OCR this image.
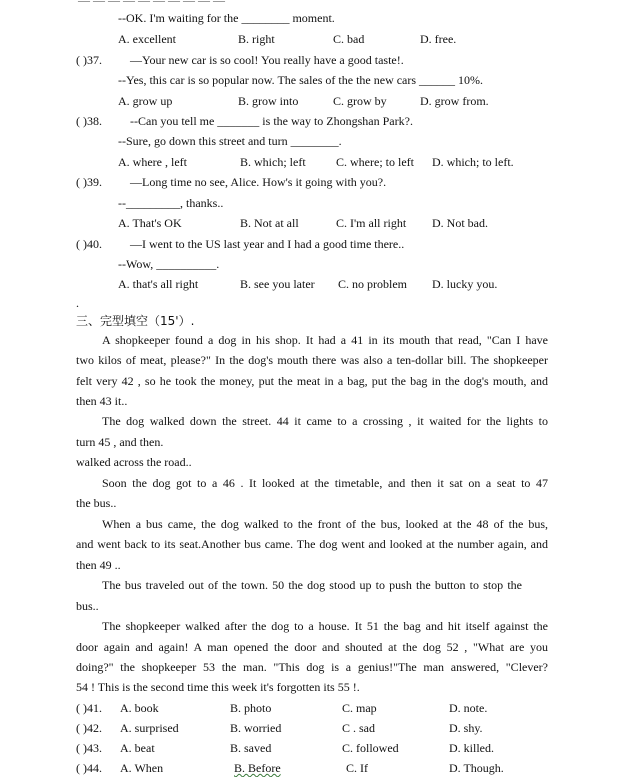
— — — — — — — — — —
--OK. I'm waiting for the ________ moment.
A. excellent	B. right	C. bad	D. free.
( )37. —Your new car is so cool! You really have a good taste!.
--Yes, this car is so popular now. The sales of the the new cars ______ 10%.
A. grow up	B. grow into	C. grow by	D. grow from.
( )38. --Can you tell me _______ is the way to Zhongshan Park?.
--Sure, go down this street and turn ________.
A. where , left	B. which; left	C. where; to left D. which; to left.
( )39. —Long time no see, Alice. How's it going with you?.
--_________, thanks..
A. That's OK	B. Not at all	C. I'm all right D. Not bad.
( )40. —I went to the US last year and I had a good time there..
--Wow, __________.
A. that's all right	B. see you later C. no problem D. lucky you.
.
三、完型填空（15'）.
A shopkeeper found a dog in his shop. It had a 41 in its mouth that read, "Can I have
two kilos of meat, please?" In the dog's mouth there was also a ten-dollar bill. The shopkeeper
felt very 42 , so he took the money, put the meat in a bag, put the bag in the dog's mouth, and
then 43 it..
The dog walked down the street. 44 it came to a crossing , it waited for the lights to
turn 45 , and then.
walked across the road..
Soon the dog got to a 46 . It looked at the timetable, and then it sat on a seat to 47
the bus..
When a bus came, the dog walked to the front of the bus, looked at the 48 of the bus,
and went back to its seat.Another bus came. The dog went and looked at the number again, and
then 49 ..
The bus traveled out of the town. 50 the dog stood up to push the button to stop the
bus..
The shopkeeper walked after the dog to a house. It 51 the bag and hit itself against the
door again and again! A man opened the door and shouted at the dog 52 , "What are you
doing?" the shopkeeper 53 the man. "This dog is a genius!"The man answered, "Clever?
54 ! This is the second time this week it's forgotten its 55 !.
( )41. A. book	B. photo	C. map	D. note.
( )42. A. surprised	B. worried	C . sad	D. shy.
( )43. A. beat	B. saved	C. followed	D. killed.
( )44. A. When	B. Before	C. If	D. Though.
